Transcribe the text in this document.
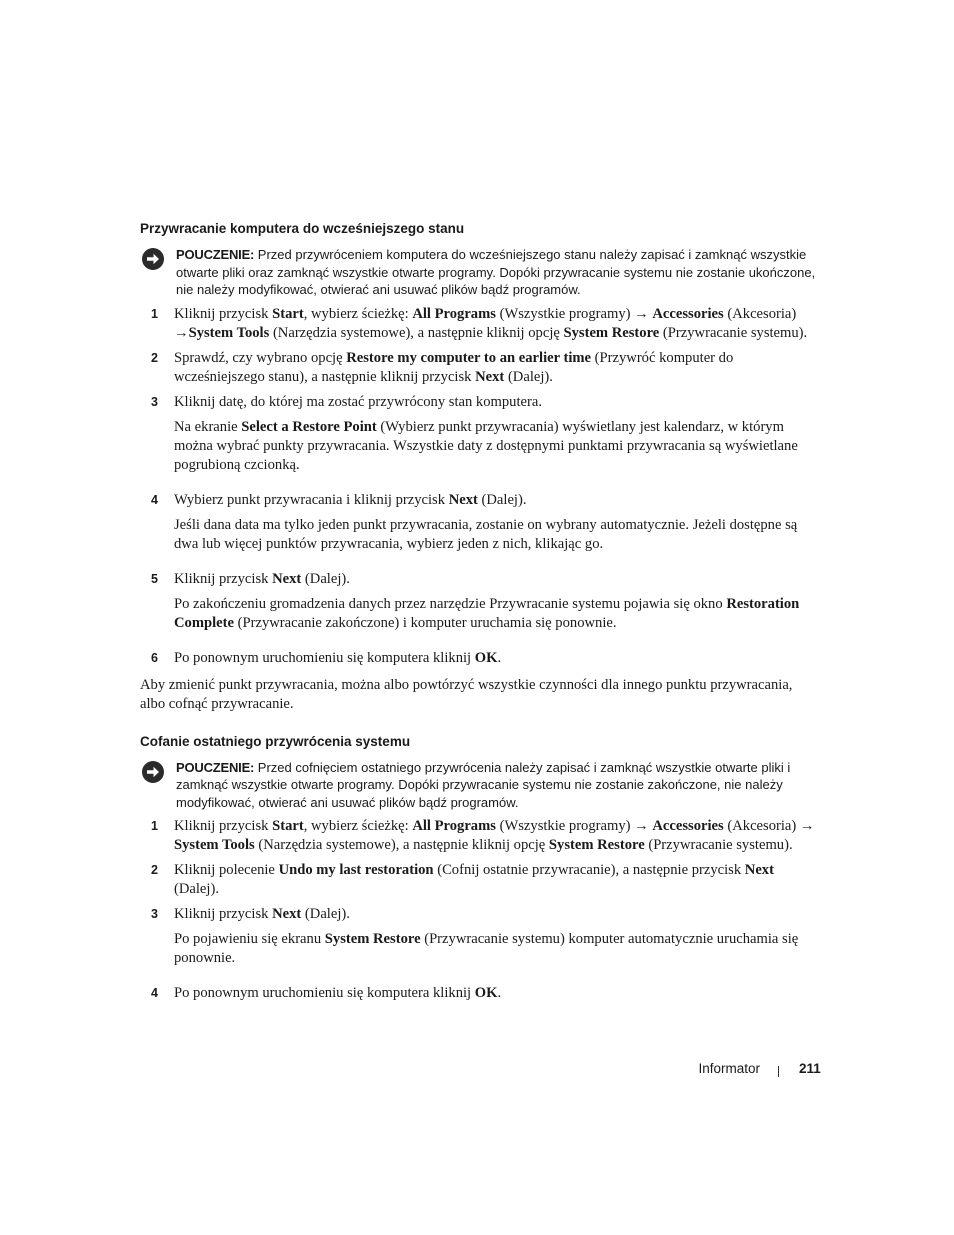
Przywracanie komputera do wcześniejszego stanu
POUCZENIE: Przed przywróceniem komputera do wcześniejszego stanu należy zapisać i zamknąć wszystkie otwarte pliki oraz zamknąć wszystkie otwarte programy. Dopóki przywracanie systemu nie zostanie ukończone, nie należy modyfikować, otwierać ani usuwać plików bądź programów.
1 Kliknij przycisk Start, wybierz ścieżkę: All Programs (Wszystkie programy) → Accessories (Akcesoria) →System Tools (Narzędzia systemowe), a następnie kliknij opcję System Restore (Przywracanie systemu).
2 Sprawdź, czy wybrano opcję Restore my computer to an earlier time (Przywróć komputer do wcześniejszego stanu), a następnie kliknij przycisk Next (Dalej).
3 Kliknij datę, do której ma zostać przywrócony stan komputera.
Na ekranie Select a Restore Point (Wybierz punkt przywracania) wyświetlany jest kalendarz, w którym można wybrać punkty przywracania. Wszystkie daty z dostępnymi punktami przywracania są wyświetlane pogrubioną czcionką.
4 Wybierz punkt przywracania i kliknij przycisk Next (Dalej).
Jeśli dana data ma tylko jeden punkt przywracania, zostanie on wybrany automatycznie. Jeżeli dostępne są dwa lub więcej punktów przywracania, wybierz jeden z nich, klikając go.
5 Kliknij przycisk Next (Dalej).
Po zakończeniu gromadzenia danych przez narzędzie Przywracanie systemu pojawia się okno Restoration Complete (Przywracanie zakończone) i komputer uruchamia się ponownie.
6 Po ponownym uruchomieniu się komputera kliknij OK.

Aby zmienić punkt przywracania, można albo powtórzyć wszystkie czynności dla innego punktu przywracania, albo cofnąć przywracanie.

Cofanie ostatniego przywrócenia systemu
POUCZENIE: Przed cofnięciem ostatniego przywrócenia należy zapisać i zamknąć wszystkie otwarte pliki i zamknąć wszystkie otwarte programy. Dopóki przywracanie systemu nie zostanie zakończone, nie należy modyfikować, otwierać ani usuwać plików bądź programów.
1 Kliknij przycisk Start, wybierz ścieżkę: All Programs (Wszystkie programy) → Accessories (Akcesoria) → System Tools (Narzędzia systemowe), a następnie kliknij opcję System Restore (Przywracanie systemu).
2 Kliknij polecenie Undo my last restoration (Cofnij ostatnie przywracanie), a następnie przycisk Next (Dalej).
3 Kliknij przycisk Next (Dalej).
Po pojawieniu się ekranu System Restore (Przywracanie systemu) komputer automatycznie uruchamia się ponownie.
4 Po ponownym uruchomieniu się komputera kliknij OK.
Informator	211
